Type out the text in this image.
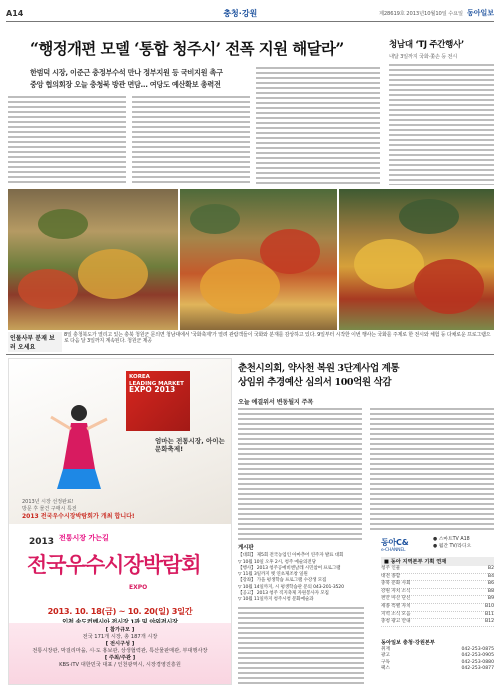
A14	충청·강원	제28619호 2013년10월10일 수요일 동아일보
“행정개편 모델 ‘통합 청주시’ 전폭 지원 해달라”
한범덕 시장, 이준근 충정부수석 만나 정부지원 등 국비지원 촉구
중앙 협의회장 오늘 충청북 방관 면담… 여당도 예산확보 총력전
청남대 ‘TJ 주간행사’
내달 3일까지 국화·쫓손 등 전시
인물사부 분재 보러 오세요
8일 충청북도가 열리고 있는 충북 청원군 문의면 청남대에서 '국화축제'가 열려 관람객들이 국화와 분재를 감상하고 있다. 9일부터 시작한 이번 행사는 국화를 주제로 한 전시와 체험 등 다채로운 프로그램으로 다음 달 3일까지 계속된다. 청원군 제공
KOREA
LEADING MARKET
EXPO 2013
엄마는 전통시장, 아이는 문화축제!
2013년 시장 선정완료!
방문 후 물건 구매시 특전
2013 전국우수시장박람회가 개최 합니다!
2013 전통시장 가는길
전국우수시장박람회
EXPO
2013. 10. 18(금) ~ 10. 20(일) 3일간
[ 참가규모 ]
전국 171개 시장, 총 187개 시장
[ 전시구성 ]
전통시장관, 막걸리마을, 시·도 홍보관, 상생협력관, 특산물판매관, 부대행사장
[ 주최/주관 ]
KBS·iTV 대한민국 대표 / 인천광역시, 시장경영진흥원
춘천시의회, 약사천 복원 3단계사업 계통
상임위 추경예산 심의서 100억원 삭감
오늘 예결위서 변동될지 주목
게시판
【대회】 제5회 전국농업인 아마추어 연주자 발표 대회
▽ 10월 10일 오후 2시, 청주 예술의전당
【행사】 2013 청주공예비엔날레 시민참여 프로그램
▽ 11월 3일까지 옛 연초제조창 일원
【강좌】 가을 평생학습 프로그램 수강생 모집
▽ 10월 14일까지, 시 평생학습관 문의 043-201-3520
【공고】 2013 청주 직지축제 자원봉사자 모집
▽ 10월 11일까지 청주시청 문화예술과
동아C&
e-CHANNEL
● 스마트TV A18
● 월간 TV/라디오
■ 동아 지역본부 기획 연재
청주 인물	B2
대전 종합	B4
충북 문화 사회	B6
강원 자치 소식	B8
천안 아산 단신	B9
세종 특별 자치	B10
지역 소식 모음	B11
충청 광고 안내	B12
동아일보 충청·강원본부
취재	042-253-0875
광고	042-253-0905
구독	042-253-0880
팩스	042-253-0877
